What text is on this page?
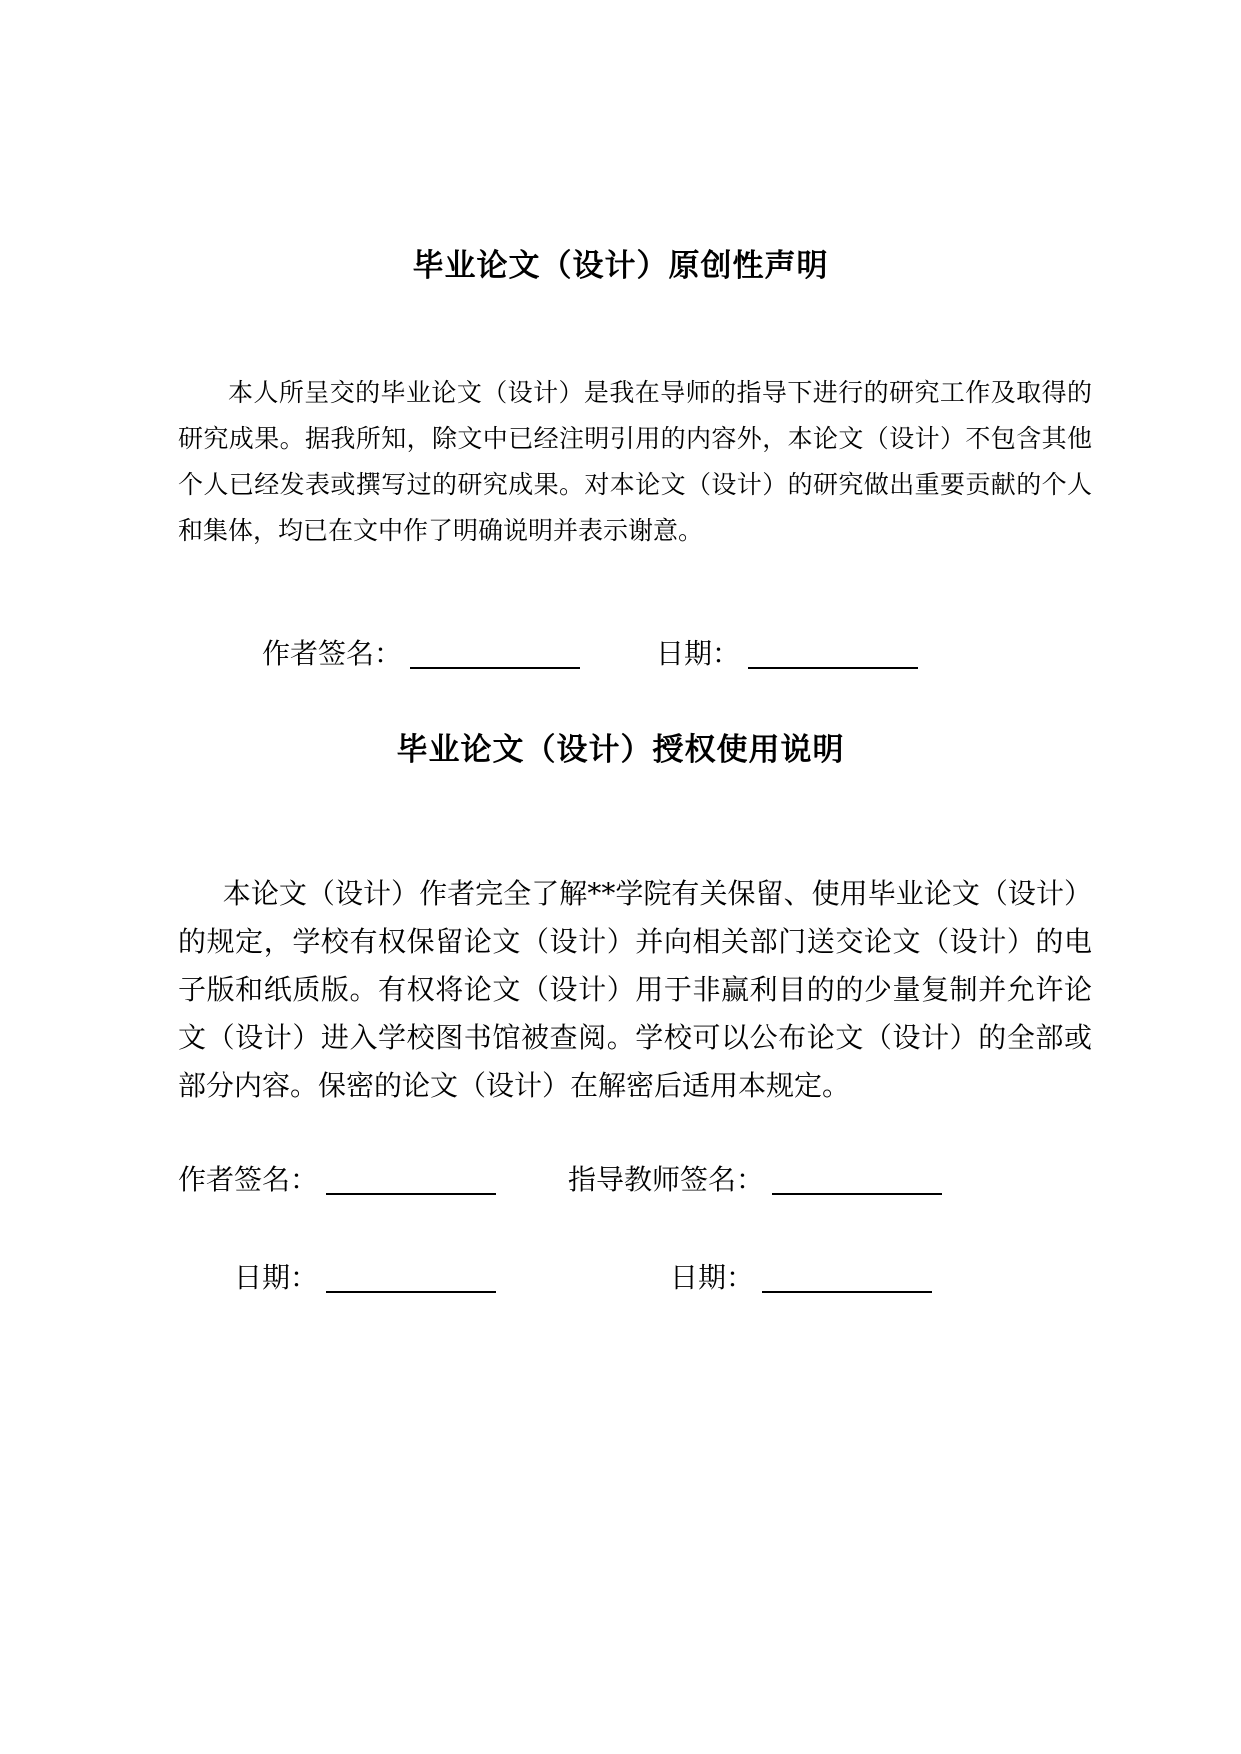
毕业论文（设计）原创性声明

本人所呈交的毕业论文（设计）是我在导师的指导下进行的研究工作及取得的研究成果。据我所知，除文中已经注明引用的内容外，本论文（设计）不包含其他个人已经发表或撰写过的研究成果。对本论文（设计）的研究做出重要贡献的个人和集体，均已在文中作了明确说明并表示谢意。

作者签名：	日期：
毕业论文（设计）授权使用说明

本论文（设计）作者完全了解**学院有关保留、使用毕业论文（设计）的规定，学校有权保留论文（设计）并向相关部门送交论文（设计）的电子版和纸质版。有权将论文（设计）用于非赢利目的的少量复制并允许论文（设计）进入学校图书馆被查阅。学校可以公布论文（设计）的全部或部分内容。保密的论文（设计）在解密后适用本规定。

作者签名：	指导教师签名：
日期：	日期：
